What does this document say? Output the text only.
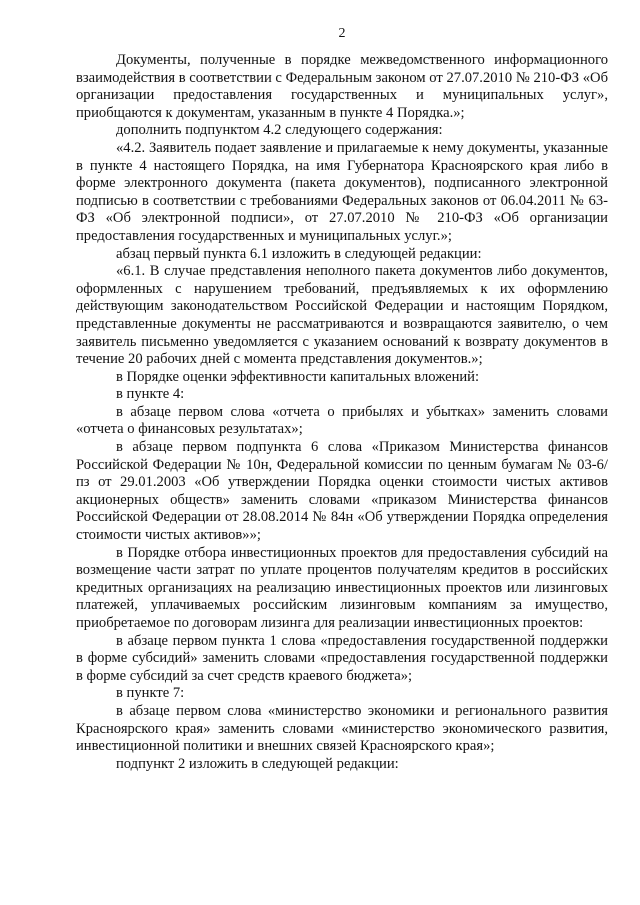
2

Документы, полученные в порядке межведомственного информационного взаимодействия в соответствии с Федеральным законом от 27.07.2010 № 210-ФЗ «Об организации предоставления государственных и муниципальных услуг», приобщаются к документам, указанным в пункте 4 Порядка.»;

дополнить подпунктом 4.2 следующего содержания:

«4.2. Заявитель подает заявление и прилагаемые к нему документы, указанные в пункте 4 настоящего Порядка, на имя Губернатора Красноярского края либо в форме электронного документа (пакета документов), подписанного электронной подписью в соответствии с требованиями Федеральных законов от 06.04.2011 № 63-ФЗ «Об электронной подписи», от 27.07.2010 № 210-ФЗ «Об организации предоставления государственных и муниципальных услуг.»;

абзац первый пункта 6.1 изложить в следующей редакции:

«6.1. В случае представления неполного пакета документов либо документов, оформленных с нарушением требований, предъявляемых к их оформлению действующим законодательством Российской Федерации и настоящим Порядком, представленные документы не рассматриваются и возвращаются заявителю, о чем заявитель письменно уведомляется с указанием оснований к возврату документов в течение 20 рабочих дней с момента представления документов.»;

в Порядке оценки эффективности капитальных вложений:

в пункте 4:

в абзаце первом слова «отчета о прибылях и убытках» заменить словами «отчета о финансовых результатах»;

в абзаце первом подпункта 6 слова «Приказом Министерства финансов Российской Федерации № 10н, Федеральной комиссии по ценным бумагам № 03-6/пз от 29.01.2003 «Об утверждении Порядка оценки стоимости чистых активов акционерных обществ» заменить словами «приказом Министерства финансов Российской Федерации от 28.08.2014 № 84н «Об утверждении Порядка определения стоимости чистых активов»»;

в Порядке отбора инвестиционных проектов для предоставления субсидий на возмещение части затрат по уплате процентов получателям кредитов в российских кредитных организациях на реализацию инвестиционных проектов или лизинговых платежей, уплачиваемых российским лизинговым компаниям за имущество, приобретаемое по договорам лизинга для реализации инвестиционных проектов:

в абзаце первом пункта 1 слова «предоставления государственной поддержки в форме субсидий» заменить словами «предоставления государственной поддержки в форме субсидий за счет средств краевого бюджета»;

в пункте 7:

в абзаце первом слова «министерство экономики и регионального развития Красноярского края» заменить словами «министерство экономического развития, инвестиционной политики и внешних связей Красноярского края»;

подпункт 2 изложить в следующей редакции:
